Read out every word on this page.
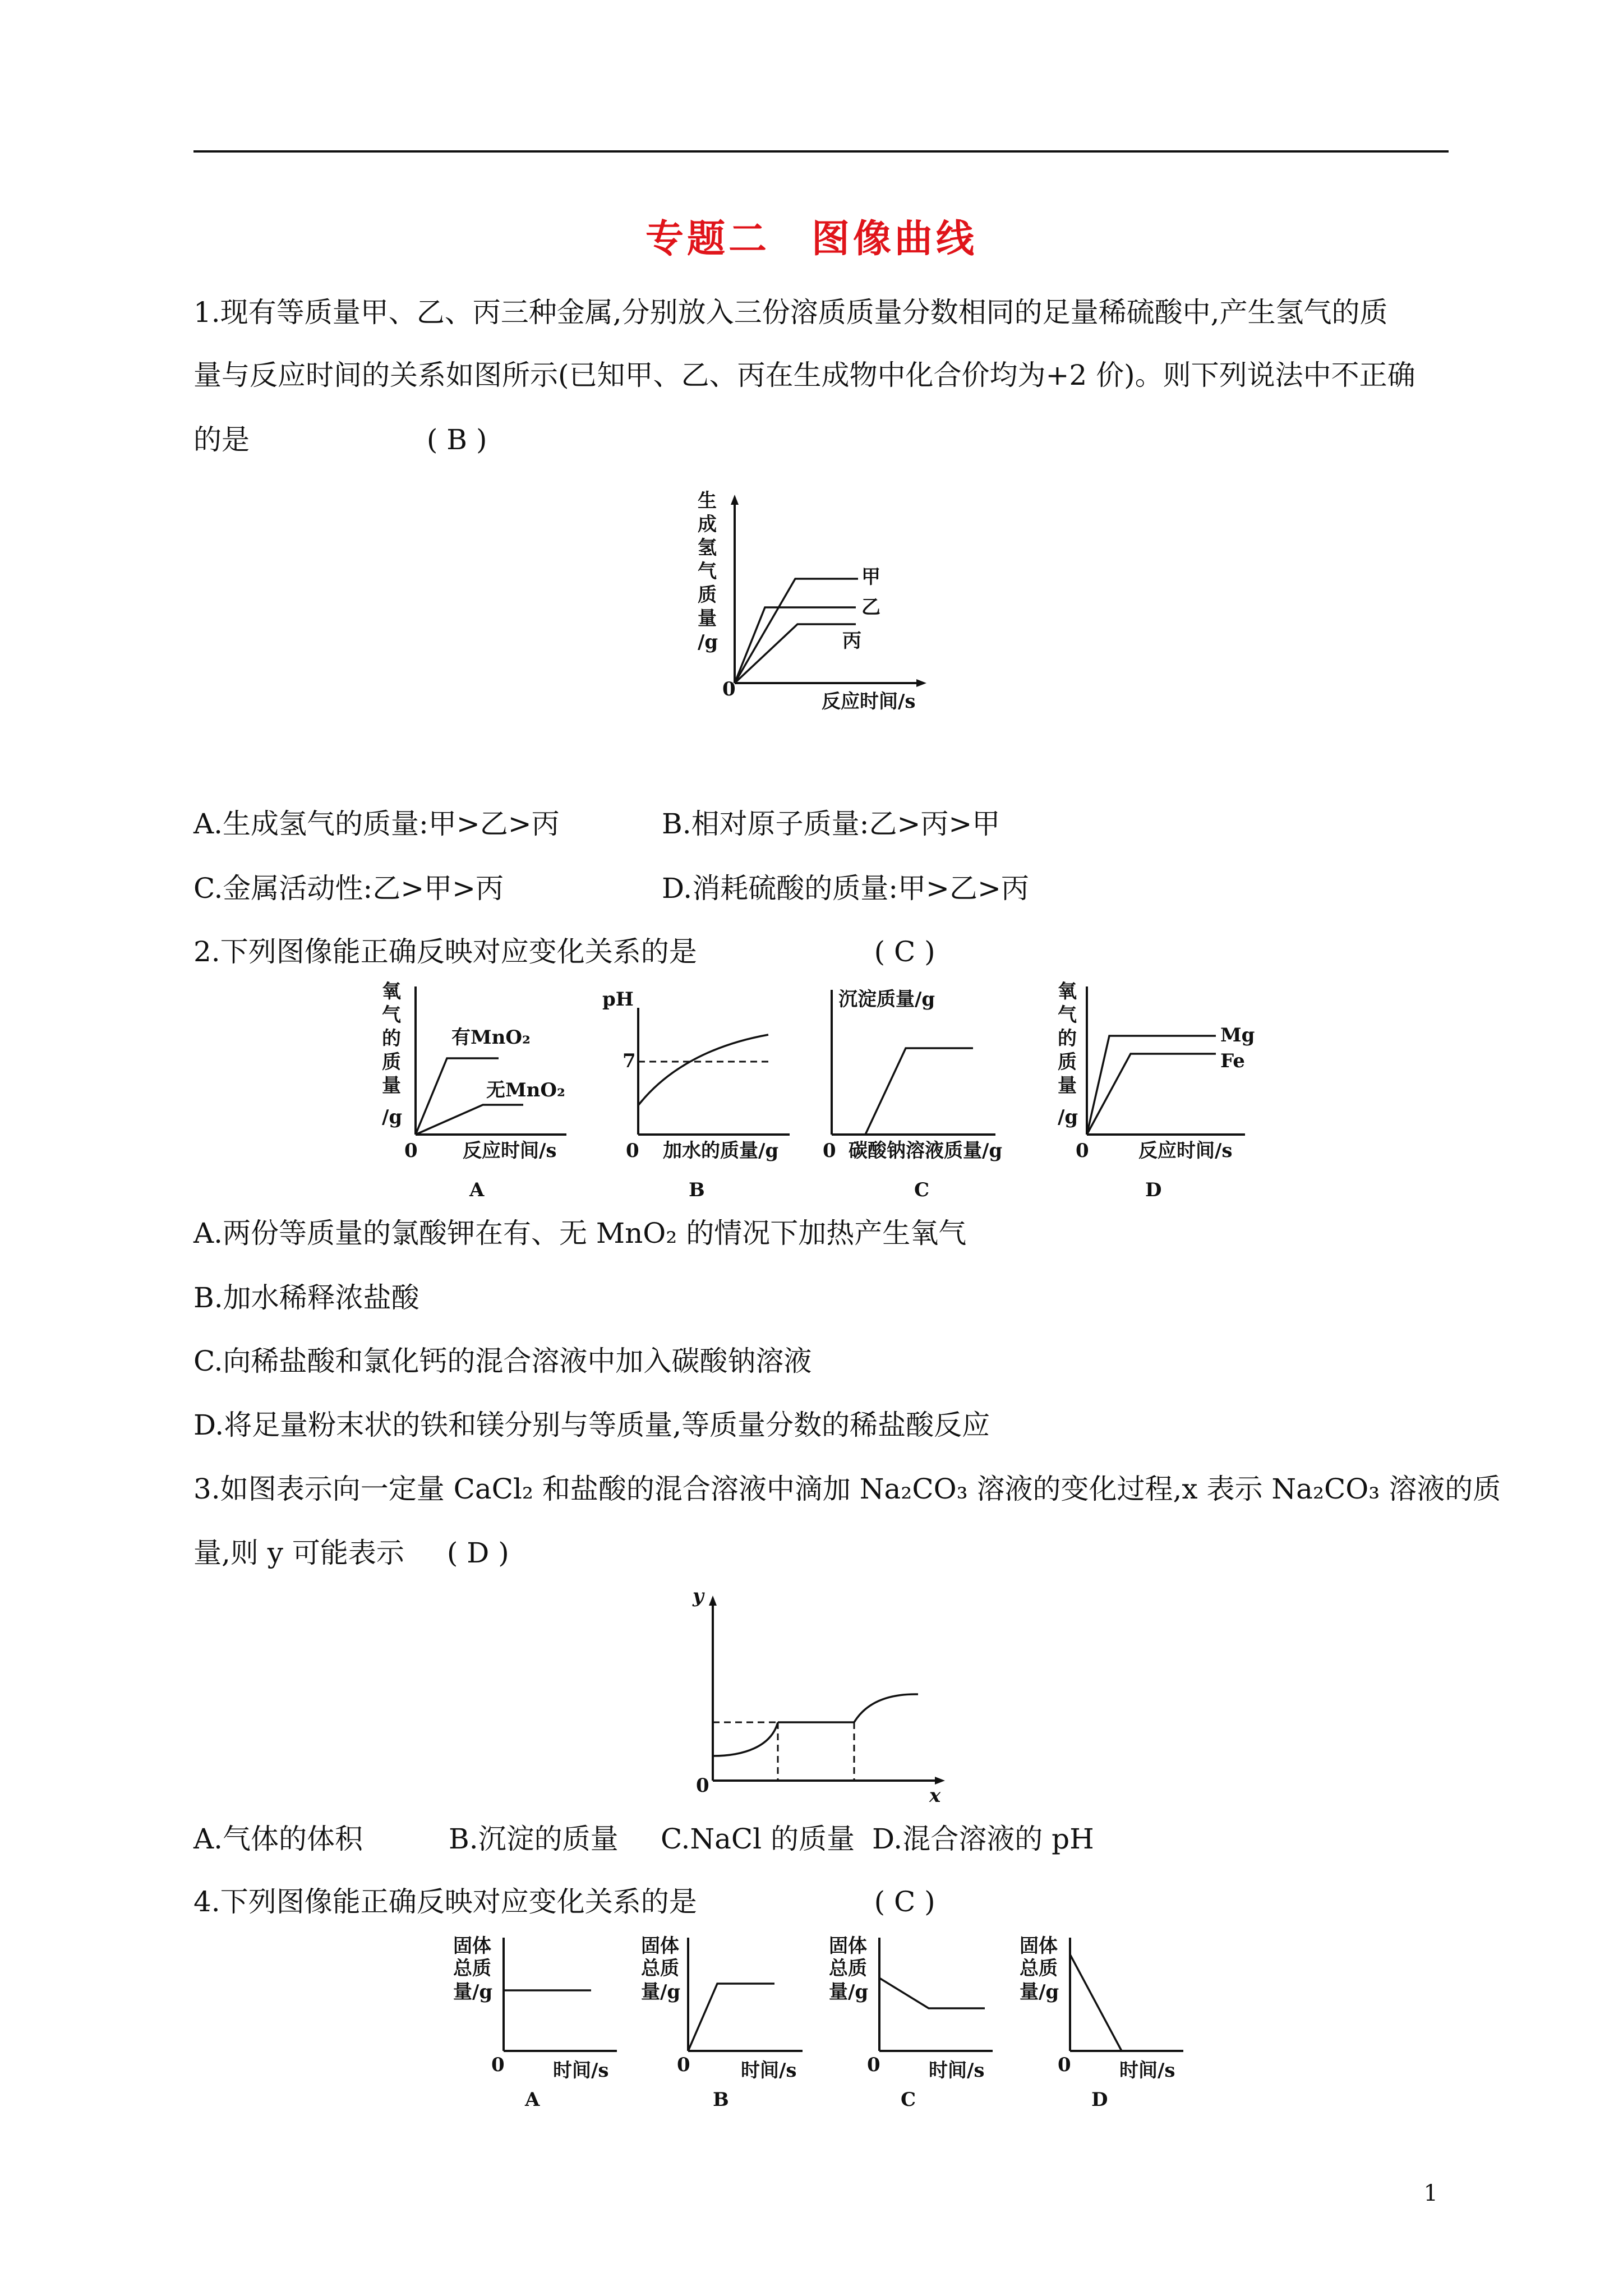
专题二　图像曲线
1.现有等质量甲、乙、丙三种金属,分别放入三份溶质质量分数相同的足量稀硫酸中,产生氢气的质
量与反应时间的关系如图所示(已知甲、乙、丙在生成物中化合价均为+2 价)。则下列说法中不正确
的是	( B )
生
成
氢
气
质
量
/g
0
反应时间/s
甲
乙
丙
A.生成氢气的质量:甲>乙>丙	B.相对原子质量:乙>丙>甲
C.金属活动性:乙>甲>丙	D.消耗硫酸的质量:甲>乙>丙
2.下列图像能正确反映对应变化关系的是	( C )
氧
气
的
质
量
/g
0 反应时间/s
有MnO₂
无MnO₂
A
pH
7
0 加水的质量/g
B
沉淀质量/g
0 碳酸钠溶液质量/g
C
氧
气
的
质
量
/g
Mg
Fe
0	反应时间/s
D
A.两份等质量的氯酸钾在有、无 MnO₂ 的情况下加热产生氧气
B.加水稀释浓盐酸
C.向稀盐酸和氯化钙的混合溶液中加入碳酸钠溶液
D.将足量粉末状的铁和镁分别与等质量,等质量分数的稀盐酸反应
3.如图表示向一定量 CaCl₂ 和盐酸的混合溶液中滴加 Na₂CO₃ 溶液的变化过程,x 表示 Na₂CO₃ 溶液的质
量,则 y 可能表示 ( D )
y
0	x
A.气体的体积	B.沉淀的质量	C.NaCl 的质量 D.混合溶液的 pH
4.下列图像能正确反映对应变化关系的是	( C )
固体
总质
量/g
0	时间/s
A
固体
总质
量/g
0	时间/s
B
固体
总质
量/g
0	时间/s
C
固体
总质
量/g
0	时间/s
D
1
